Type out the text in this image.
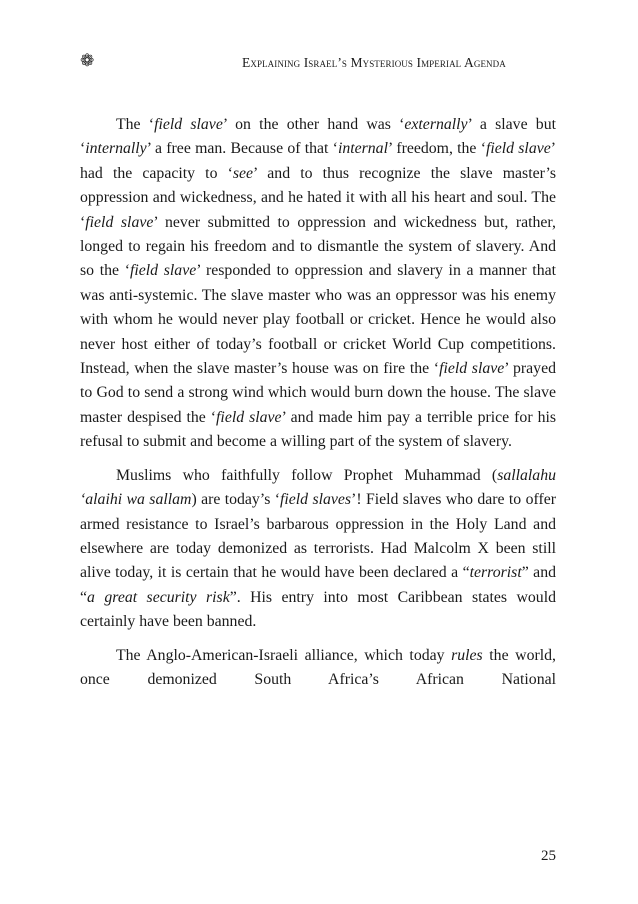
❁	Explaining Israel’s Mysterious Imperial Agenda

The ‘field slave’ on the other hand was ‘externally’ a slave but ‘internally’ a free man. Because of that ‘internal’ freedom, the ‘field slave’ had the capacity to ‘see’ and to thus recognize the slave master’s oppression and wickedness, and he hated it with all his heart and soul. The ‘field slave’ never submitted to oppression and wickedness but, rather, longed to regain his freedom and to dismantle the system of slavery. And so the ‘field slave’ responded to oppression and slavery in a manner that was anti-systemic. The slave master who was an oppressor was his enemy with whom he would never play football or cricket. Hence he would also never host either of today’s football or cricket World Cup competitions. Instead, when the slave master’s house was on fire the ‘field slave’ prayed to God to send a strong wind which would burn down the house. The slave master despised the ‘field slave’ and made him pay a terrible price for his refusal to submit and become a willing part of the system of slavery.

Muslims who faithfully follow Prophet Muhammad (sallalahu ‘alaihi wa sallam) are today’s ‘field slaves’! Field slaves who dare to offer armed resistance to Israel’s barbarous oppression in the Holy Land and elsewhere are today demonized as terrorists. Had Malcolm X been still alive today, it is certain that he would have been declared a “terrorist” and “a great security risk”. His entry into most Caribbean states would certainly have been banned.

The Anglo-American-Israeli alliance, which today rules the world, once demonized South Africa’s African National

25
